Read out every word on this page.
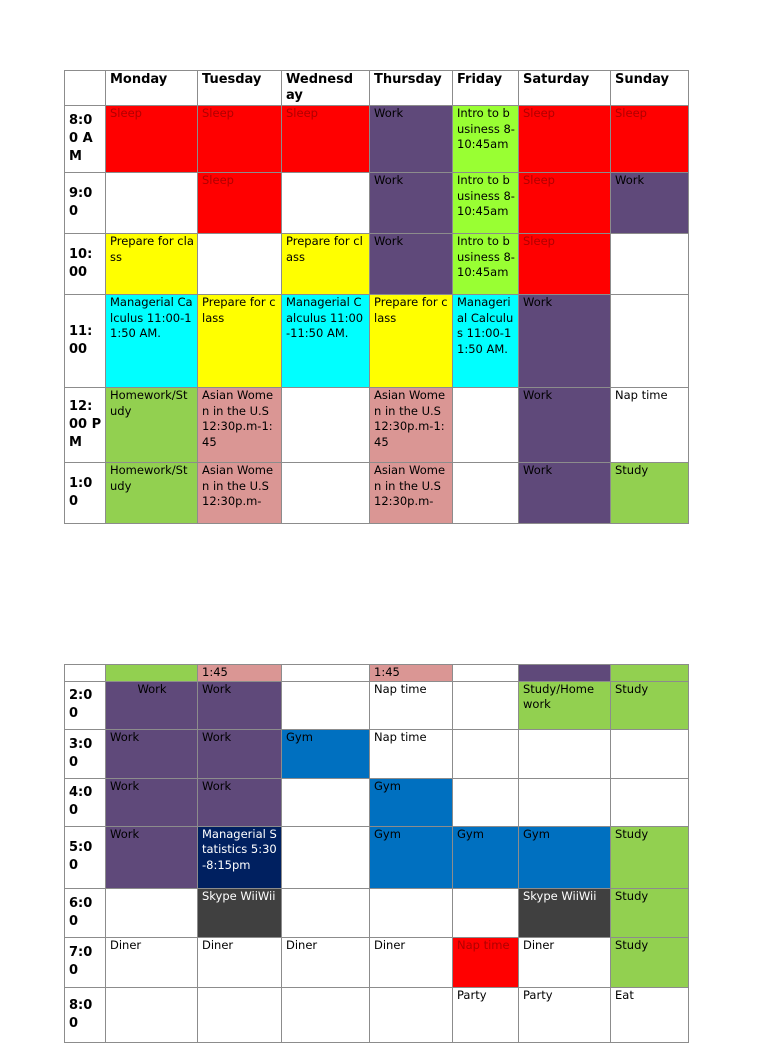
	Monday	Tuesday	Wednesd ay	Thursday	Friday	Saturday	Sunday
8:0 0 AM	Sleep	Sleep	Sleep	Work	Intro to business 8-10:45am	Sleep	Sleep
9:0 0		Sleep		Work	Intro to business 8-10:45am	Sleep	Work
10: 00	Prepare for class		Prepare for class	Work	Intro to business 8-10:45am	Sleep	
11: 00	Managerial Calculus 11:00-11:50 AM.	Prepare for class	Managerial Calculus 11:00-11:50 AM.	Prepare for class	Manageri al Calculus 11:00-11:50 AM.	Work	
12: 00 PM	Homework/Study	Asian Women in the U.S 12:30p.m-1:45		Asian Women in the U.S 12:30p.m-1:45		Work	Nap time
1:0 0	Homework/Study	Asian Women in the U.S 12:30p.m-		Asian Women in the U.S 12:30p.m-		Work	Study
		1:45		1:45			
2:0 0	Work	Work		Nap time		Study/Home work	Study
3:0 0	Work	Work	Gym	Nap time			
4:0 0	Work	Work		Gym			
5:0 0	Work	Managerial Statistics 5:30-8:15pm		Gym	Gym	Gym	Study
6:0 0		Skype WiiWii				Skype WiiWii	Study
7:0 0	Diner	Diner	Diner	Diner	Nap time	Diner	Study
8:0 0					Party	Party	Eat
